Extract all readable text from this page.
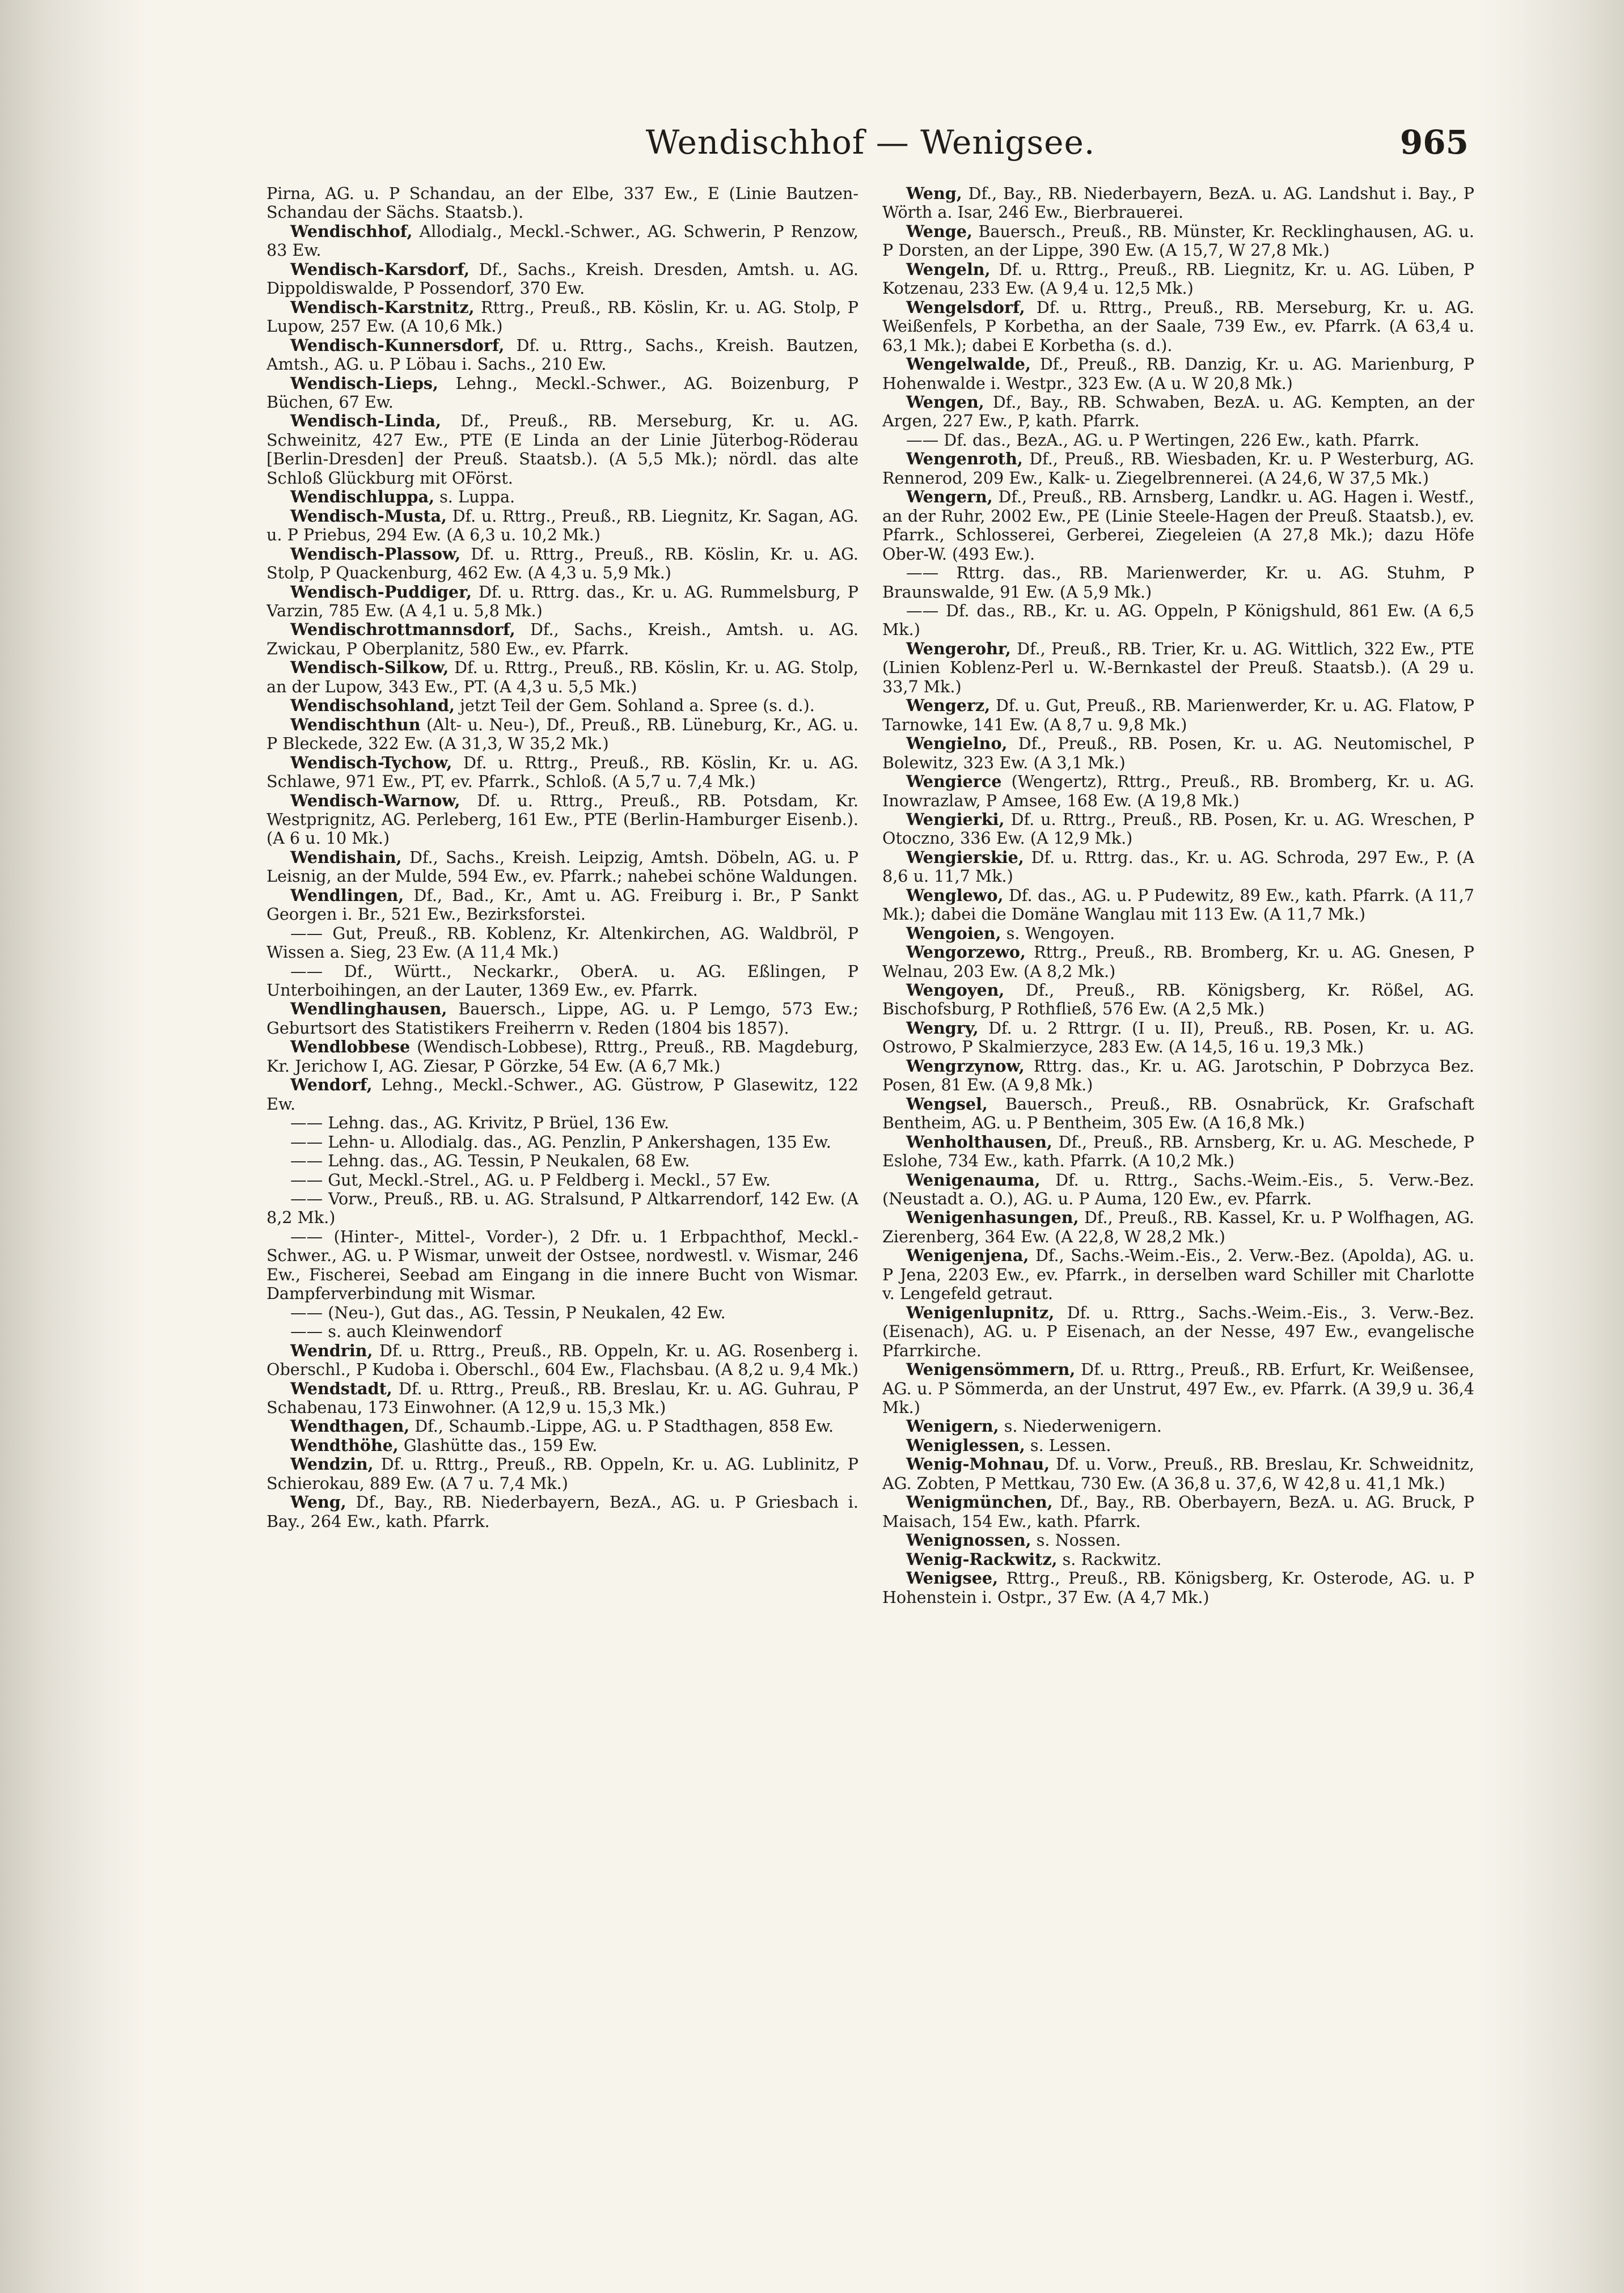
Wendischhof — Wenigsee.	965

Pirna, AG. u. P Schandau, an der Elbe, 337 Ew., E (Linie Bautzen-Schandau der Sächs. Staatsb.).

Wendischhof, Allodialg., Meckl.-Schwer., AG. Schwerin, P Renzow, 83 Ew.

Wendisch-Karsdorf, Df., Sachs., Kreish. Dresden, Amtsh. u. AG. Dippoldiswalde, P Possendorf, 370 Ew.

Wendisch-Karstnitz, Rttrg., Preuß., RB. Köslin, Kr. u. AG. Stolp, P Lupow, 257 Ew. (A 10,6 Mk.)

Wendisch-Kunnersdorf, Df. u. Rttrg., Sachs., Kreish. Bautzen, Amtsh., AG. u. P Löbau i. Sachs., 210 Ew.

Wendisch-Lieps, Lehng., Meckl.-Schwer., AG. Boizenburg, P Büchen, 67 Ew.

Wendisch-Linda, Df., Preuß., RB. Merseburg, Kr. u. AG. Schweinitz, 427 Ew., PTE (E Linda an der Linie Jüterbog-Röderau [Berlin-Dresden] der Preuß. Staatsb.). (A 5,5 Mk.); nördl. das alte Schloß Glückburg mit OFörst.

Wendischluppa, s. Luppa.

Wendisch-Musta, Df. u. Rttrg., Preuß., RB. Liegnitz, Kr. Sagan, AG. u. P Priebus, 294 Ew. (A 6,3 u. 10,2 Mk.)

Wendisch-Plassow, Df. u. Rttrg., Preuß., RB. Köslin, Kr. u. AG. Stolp, P Quackenburg, 462 Ew. (A 4,3 u. 5,9 Mk.)

Wendisch-Puddiger, Df. u. Rttrg. das., Kr. u. AG. Rummelsburg, P Varzin, 785 Ew. (A 4,1 u. 5,8 Mk.)

Wendischrottmannsdorf, Df., Sachs., Kreish., Amtsh. u. AG. Zwickau, P Oberplanitz, 580 Ew., ev. Pfarrk.

Wendisch-Silkow, Df. u. Rttrg., Preuß., RB. Köslin, Kr. u. AG. Stolp, an der Lupow, 343 Ew., PT. (A 4,3 u. 5,5 Mk.)

Wendischsohland, jetzt Teil der Gem. Sohland a. Spree (s. d.).

Wendischthun (Alt- u. Neu-), Df., Preuß., RB. Lüneburg, Kr., AG. u. P Bleckede, 322 Ew. (A 31,3, W 35,2 Mk.)

Wendisch-Tychow, Df. u. Rttrg., Preuß., RB. Köslin, Kr. u. AG. Schlawe, 971 Ew., PT, ev. Pfarrk., Schloß. (A 5,7 u. 7,4 Mk.)

Wendisch-Warnow, Df. u. Rttrg., Preuß., RB. Potsdam, Kr. Westprignitz, AG. Perleberg, 161 Ew., PTE (Berlin-Hamburger Eisenb.). (A 6 u. 10 Mk.)

Wendishain, Df., Sachs., Kreish. Leipzig, Amtsh. Döbeln, AG. u. P Leisnig, an der Mulde, 594 Ew., ev. Pfarrk.; nahebei schöne Waldungen.

Wendlingen, Df., Bad., Kr., Amt u. AG. Freiburg i. Br., P Sankt Georgen i. Br., 521 Ew., Bezirksforstei.

—— Gut, Preuß., RB. Koblenz, Kr. Altenkirchen, AG. Waldbröl, P Wissen a. Sieg, 23 Ew. (A 11,4 Mk.)

—— Df., Württ., Neckarkr., OberA. u. AG. Eßlingen, P Unterboihingen, an der Lauter, 1369 Ew., ev. Pfarrk.

Wendlinghausen, Bauersch., Lippe, AG. u. P Lemgo, 573 Ew.; Geburtsort des Statistikers Freiherrn v. Reden (1804 bis 1857).

Wendlobbese (Wendisch-Lobbese), Rttrg., Preuß., RB. Magdeburg, Kr. Jerichow I, AG. Ziesar, P Görzke, 54 Ew. (A 6,7 Mk.)

Wendorf, Lehng., Meckl.-Schwer., AG. Güstrow, P Glasewitz, 122 Ew.

—— Lehng. das., AG. Krivitz, P Brüel, 136 Ew.

—— Lehn- u. Allodialg. das., AG. Penzlin, P Ankershagen, 135 Ew.

—— Lehng. das., AG. Tessin, P Neukalen, 68 Ew.

—— Gut, Meckl.-Strel., AG. u. P Feldberg i. Meckl., 57 Ew.

—— Vorw., Preuß., RB. u. AG. Stralsund, P Altkarrendorf, 142 Ew. (A 8,2 Mk.)

—— (Hinter-, Mittel-, Vorder-), 2 Dfr. u. 1 Erbpachthof, Meckl.-Schwer., AG. u. P Wismar, unweit der Ostsee, nordwestl. v. Wismar, 246 Ew., Fischerei, Seebad am Eingang in die innere Bucht von Wismar. Dampferverbindung mit Wismar.

—— (Neu-), Gut das., AG. Tessin, P Neukalen, 42 Ew.

—— s. auch Kleinwendorf

Wendrin, Df. u. Rttrg., Preuß., RB. Oppeln, Kr. u. AG. Rosenberg i. Oberschl., P Kudoba i. Oberschl., 604 Ew., Flachsbau. (A 8,2 u. 9,4 Mk.)

Wendstadt, Df. u. Rttrg., Preuß., RB. Breslau, Kr. u. AG. Guhrau, P Schabenau, 173 Einwohner. (A 12,9 u. 15,3 Mk.)

Wendthagen, Df., Schaumb.-Lippe, AG. u. P Stadthagen, 858 Ew.

Wendthöhe, Glashütte das., 159 Ew.

Wendzin, Df. u. Rttrg., Preuß., RB. Oppeln, Kr. u. AG. Lublinitz, P Schierokau, 889 Ew. (A 7 u. 7,4 Mk.)

Weng, Df., Bay., RB. Niederbayern, BezA., AG. u. P Griesbach i. Bay., 264 Ew., kath. Pfarrk.

Weng, Df., Bay., RB. Niederbayern, BezA. u. AG. Landshut i. Bay., P Wörth a. Isar, 246 Ew., Bierbrauerei.

Wenge, Bauersch., Preuß., RB. Münster, Kr. Recklinghausen, AG. u. P Dorsten, an der Lippe, 390 Ew. (A 15,7, W 27,8 Mk.)

Wengeln, Df. u. Rttrg., Preuß., RB. Liegnitz, Kr. u. AG. Lüben, P Kotzenau, 233 Ew. (A 9,4 u. 12,5 Mk.)

Wengelsdorf, Df. u. Rttrg., Preuß., RB. Merseburg, Kr. u. AG. Weißenfels, P Korbetha, an der Saale, 739 Ew., ev. Pfarrk. (A 63,4 u. 63,1 Mk.); dabei E Korbetha (s. d.).

Wengelwalde, Df., Preuß., RB. Danzig, Kr. u. AG. Marienburg, P Hohenwalde i. Westpr., 323 Ew. (A u. W 20,8 Mk.)

Wengen, Df., Bay., RB. Schwaben, BezA. u. AG. Kempten, an der Argen, 227 Ew., P, kath. Pfarrk.

—— Df. das., BezA., AG. u. P Wertingen, 226 Ew., kath. Pfarrk.

Wengenroth, Df., Preuß., RB. Wiesbaden, Kr. u. P Westerburg, AG. Rennerod, 209 Ew., Kalk- u. Ziegelbrennerei. (A 24,6, W 37,5 Mk.)

Wengern, Df., Preuß., RB. Arnsberg, Landkr. u. AG. Hagen i. Westf., an der Ruhr, 2002 Ew., PE (Linie Steele-Hagen der Preuß. Staatsb.), ev. Pfarrk., Schlosserei, Gerberei, Ziegeleien (A 27,8 Mk.); dazu Höfe Ober-W. (493 Ew.).

—— Rttrg. das., RB. Marienwerder, Kr. u. AG. Stuhm, P Braunswalde, 91 Ew. (A 5,9 Mk.)

—— Df. das., RB., Kr. u. AG. Oppeln, P Königshuld, 861 Ew. (A 6,5 Mk.)

Wengerohr, Df., Preuß., RB. Trier, Kr. u. AG. Wittlich, 322 Ew., PTE (Linien Koblenz-Perl u. W.-Bernkastel der Preuß. Staatsb.). (A 29 u. 33,7 Mk.)

Wengerz, Df. u. Gut, Preuß., RB. Marienwerder, Kr. u. AG. Flatow, P Tarnowke, 141 Ew. (A 8,7 u. 9,8 Mk.)

Wengielno, Df., Preuß., RB. Posen, Kr. u. AG. Neutomischel, P Bolewitz, 323 Ew. (A 3,1 Mk.)

Wengierce (Wengertz), Rttrg., Preuß., RB. Bromberg, Kr. u. AG. Inowrazlaw, P Amsee, 168 Ew. (A 19,8 Mk.)

Wengierki, Df. u. Rttrg., Preuß., RB. Posen, Kr. u. AG. Wreschen, P Otoczno, 336 Ew. (A 12,9 Mk.)

Wengierskie, Df. u. Rttrg. das., Kr. u. AG. Schroda, 297 Ew., P. (A 8,6 u. 11,7 Mk.)

Wenglewo, Df. das., AG. u. P Pudewitz, 89 Ew., kath. Pfarrk. (A 11,7 Mk.); dabei die Domäne Wanglau mit 113 Ew. (A 11,7 Mk.)

Wengoien, s. Wengoyen.

Wengorzewo, Rttrg., Preuß., RB. Bromberg, Kr. u. AG. Gnesen, P Welnau, 203 Ew. (A 8,2 Mk.)

Wengoyen, Df., Preuß., RB. Königsberg, Kr. Rößel, AG. Bischofsburg, P Rothfließ, 576 Ew. (A 2,5 Mk.)

Wengry, Df. u. 2 Rttrgr. (I u. II), Preuß., RB. Posen, Kr. u. AG. Ostrowo, P Skalmierzyce, 283 Ew. (A 14,5, 16 u. 19,3 Mk.)

Wengrzynow, Rttrg. das., Kr. u. AG. Jarotschin, P Dobrzyca Bez. Posen, 81 Ew. (A 9,8 Mk.)

Wengsel, Bauersch., Preuß., RB. Osnabrück, Kr. Grafschaft Bentheim, AG. u. P Bentheim, 305 Ew. (A 16,8 Mk.)

Wenholthausen, Df., Preuß., RB. Arnsberg, Kr. u. AG. Meschede, P Eslohe, 734 Ew., kath. Pfarrk. (A 10,2 Mk.)

Wenigenauma, Df. u. Rttrg., Sachs.-Weim.-Eis., 5. Verw.-Bez. (Neustadt a. O.), AG. u. P Auma, 120 Ew., ev. Pfarrk.

Wenigenhasungen, Df., Preuß., RB. Kassel, Kr. u. P Wolfhagen, AG. Zierenberg, 364 Ew. (A 22,8, W 28,2 Mk.)

Wenigenjena, Df., Sachs.-Weim.-Eis., 2. Verw.-Bez. (Apolda), AG. u. P Jena, 2203 Ew., ev. Pfarrk., in derselben ward Schiller mit Charlotte v. Lengefeld getraut.

Wenigenlupnitz, Df. u. Rttrg., Sachs.-Weim.-Eis., 3. Verw.-Bez. (Eisenach), AG. u. P Eisenach, an der Nesse, 497 Ew., evangelische Pfarrkirche.

Wenigensömmern, Df. u. Rttrg., Preuß., RB. Erfurt, Kr. Weißensee, AG. u. P Sömmerda, an der Unstrut, 497 Ew., ev. Pfarrk. (A 39,9 u. 36,4 Mk.)

Wenigern, s. Niederwenigern.

Weniglessen, s. Lessen.

Wenig-Mohnau, Df. u. Vorw., Preuß., RB. Breslau, Kr. Schweidnitz, AG. Zobten, P Mettkau, 730 Ew. (A 36,8 u. 37,6, W 42,8 u. 41,1 Mk.)

Wenigmünchen, Df., Bay., RB. Oberbayern, BezA. u. AG. Bruck, P Maisach, 154 Ew., kath. Pfarrk.

Wenignossen, s. Nossen.

Wenig-Rackwitz, s. Rackwitz.

Wenigsee, Rttrg., Preuß., RB. Königsberg, Kr. Osterode, AG. u. P Hohenstein i. Ostpr., 37 Ew. (A 4,7 Mk.)
